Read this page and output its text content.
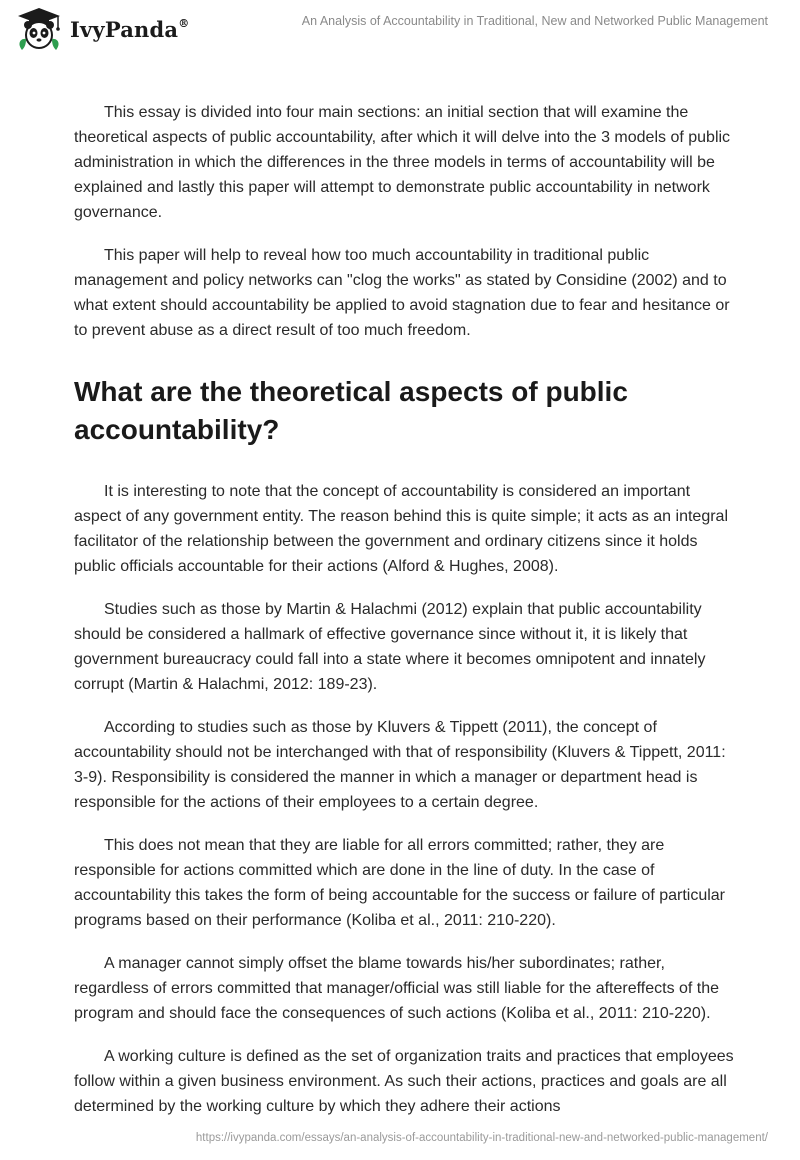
IvyPanda®	An Analysis of Accountability in Traditional, New and Networked Public Management

This essay is divided into four main sections: an initial section that will examine the theoretical aspects of public accountability, after which it will delve into the 3 models of public administration in which the differences in the three models in terms of accountability will be explained and lastly this paper will attempt to demonstrate public accountability in network governance.

This paper will help to reveal how too much accountability in traditional public management and policy networks can "clog the works" as stated by Considine (2002) and to what extent should accountability be applied to avoid stagnation due to fear and hesitance or to prevent abuse as a direct result of too much freedom.

What are the theoretical aspects of public accountability?

It is interesting to note that the concept of accountability is considered an important aspect of any government entity. The reason behind this is quite simple; it acts as an integral facilitator of the relationship between the government and ordinary citizens since it holds public officials accountable for their actions (Alford & Hughes, 2008).

Studies such as those by Martin & Halachmi (2012) explain that public accountability should be considered a hallmark of effective governance since without it, it is likely that government bureaucracy could fall into a state where it becomes omnipotent and innately corrupt (Martin & Halachmi, 2012: 189-23).

According to studies such as those by Kluvers & Tippett (2011), the concept of accountability should not be interchanged with that of responsibility (Kluvers & Tippett, 2011: 3-9). Responsibility is considered the manner in which a manager or department head is responsible for the actions of their employees to a certain degree.

This does not mean that they are liable for all errors committed; rather, they are responsible for actions committed which are done in the line of duty. In the case of accountability this takes the form of being accountable for the success or failure of particular programs based on their performance (Koliba et al., 2011: 210-220).

A manager cannot simply offset the blame towards his/her subordinates; rather, regardless of errors committed that manager/official was still liable for the aftereffects of the program and should face the consequences of such actions (Koliba et al., 2011: 210-220).

A working culture is defined as the set of organization traits and practices that employees follow within a given business environment. As such their actions, practices and goals are all determined by the working culture by which they adhere their actions

https://ivypanda.com/essays/an-analysis-of-accountability-in-traditional-new-and-networked-public-management/
